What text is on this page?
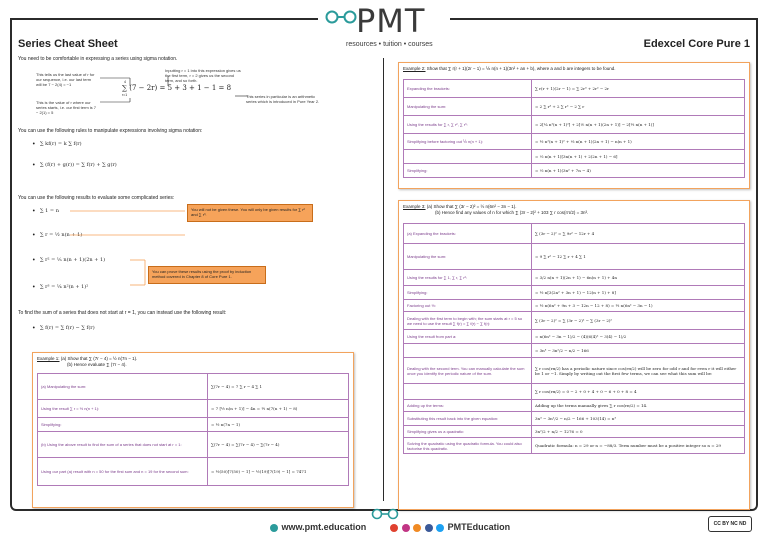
PMT
resources • tuition • courses
Series Cheat Sheet	Edexcel Core Pure 1
You need to be comfortable in expressing a series using sigma notation.
This tells us the last value of r for our sequence, i.e. our last term will be 7 − 2(4) = −1
Inputting r = 1 into this expression gives us the first term, r = 2 gives us the second term, and so forth.
This is the value of r where our series starts, i.e. our first term is 7 − 2(1) = 5
This series in particular is an arithmetic series which is introduced in Pure Year 2.
∑ (7 − 2r) = 5 + 3 + 1 − 1 = 8
4
r=1
You can use the following rules to manipulate expressions involving sigma notation:
• ∑ kf(r) = k ∑ f(r)
• ∑ (f(r) + g(r)) = ∑ f(r) + ∑ g(r)
You can use the following results to evaluate some complicated series:
• ∑ 1 = n
• ∑ r = ½ n(n + 1)
• ∑ r² = ⅙ n(n + 1)(2n + 1)
• ∑ r³ = ¼ n²(n + 1)²
You will not be given these. You will only be given results for ∑ r² and ∑ r³.
You can prove these results using the proof by induction method covered in Chapter 8 of Core Pure 1.
To find the sum of a series that does not start at r = 1, you can instead use the following result:
• ∑ f(r) = ∑ f(r) − ∑ f(r)
Example 1: (a) Show that ∑ (7r − 4) = ½ n(7n − 1).
(b) Hence evaluate ∑ (7r − 4).
(a) Manipulating the sum:	∑(7r − 4) = 7 ∑ r − 4 ∑ 1
Using the result ∑ r = ½ n(n + 1):	= 7 [½ n(n + 1)] − 4n = ½ n(7(n + 1) − 8)
Simplifying:	= ½ n(7n − 1)
(b) Using the above result to find the sum of a series that does not start at r = 1:	∑(7r − 4) = ∑(7r − 4) − ∑(7r − 4)
Using our part (a) result with n = 50 for the first sum and n = 19 for the second sum:	= ½(50)[7(50) − 1] − ½(19)[7(19) − 1] = 7471
Example 2: Show that ∑ r(r + 1)(2r − 1) = ⅙ n(n + 1)(3n² + an + b), where a and b are integers to be found.
Expanding the brackets:	∑ r(r + 1)(2r − 1) = ∑ 2r³ + 2r² − 2r
Manipulating the sum:	= 2 ∑ r³ + 2 ∑ r² − 2 ∑ r
Using the results for ∑ r, ∑ r², ∑ r³:	= 2[¼ n²(n + 1)²] + 2[⅙ n(n + 1)(2n + 1)] − 2[½ n(n + 1)]
Simplifying before factoring out ⅙ n(n + 1):	= ½ n²(n + 1)² + ⅓ n(n + 1)(2n + 1) − n(n + 1)
	= ⅙ n(n + 1)[3n(n + 1) + 2(2n + 1) − 6]
Simplifying:	= ⅙ n(n + 1)(3n² + 7n − 4)
Example 3: (a) Show that ∑ (3r − 2)² = ½ n(6n² − 3n − 1).
(b) Hence find any values of n for which ∑ (3r − 2)² + 103 ∑ r cos(rπ/2) = 3n³.
(a) Expanding the brackets:	∑ (3r − 2)² = ∑ 9r² − 12r + 4
Manipulating the sum:	= 9 ∑ r² − 12 ∑ r + 4 ∑ 1
Using the results for ∑ 1, ∑ r, ∑ r²:	= 3/2 n(n + 1)(2n + 1) − 6n(n + 1) + 4n
Simplifying:	= ½ n[3(2n² + 3n + 1) − 12(n + 1) + 8]
Factoring out ½:	= ½ n(6n² + 9n + 3 − 12n − 12 + 8) = ½ n(6n² − 3n − 1)
Dealing with the first term to begin with; the sum starts at r = 5 so we need to use the result ∑ f(r) = ∑ f(r) − ∑ f(r):	∑ (3r − 2)² = ∑ (3r − 2)² − ∑ (3r − 2)²
Using the result from part a:	= n(6n² − 3n − 1)/2 − (4)(6(4)² − 3(4) − 1)/2
	= 3n³ − 3n²/2 − n/2 − 166
Dealing with the second term. You can manually calculate the sum once you identify the periodic nature of the sum.	∑ r cos(rπ/2) has a periodic nature since cos(rπ/2) will be zero for odd r and for even r it will either be 1 or −1. Simply by writing out the first few terms, we can see what this sum will be:
	∑ r cos(rπ/2) = 0 − 2 + 0 + 4 + 0 − 6 + 0 + 8 = 4
Adding up the terms:	Adding up the terms manually gives ∑ r cos(rπ/2) = 14.
Substituting this result back into the given equation:	3n³ − 3n²/2 − n/2 − 166 + 103(14) = n³
Simplifying gives us a quadratic:	3n²/2 + n/2 − 1276 = 0
Solving the quadratic using the quadratic formula. You could also factorise this quadratic.	Quadratic formula: n = 29 or n = −88/3. Term number must be a positive integer so n = 29
www.pmt.education	PMTEducation	CC BY NC ND
